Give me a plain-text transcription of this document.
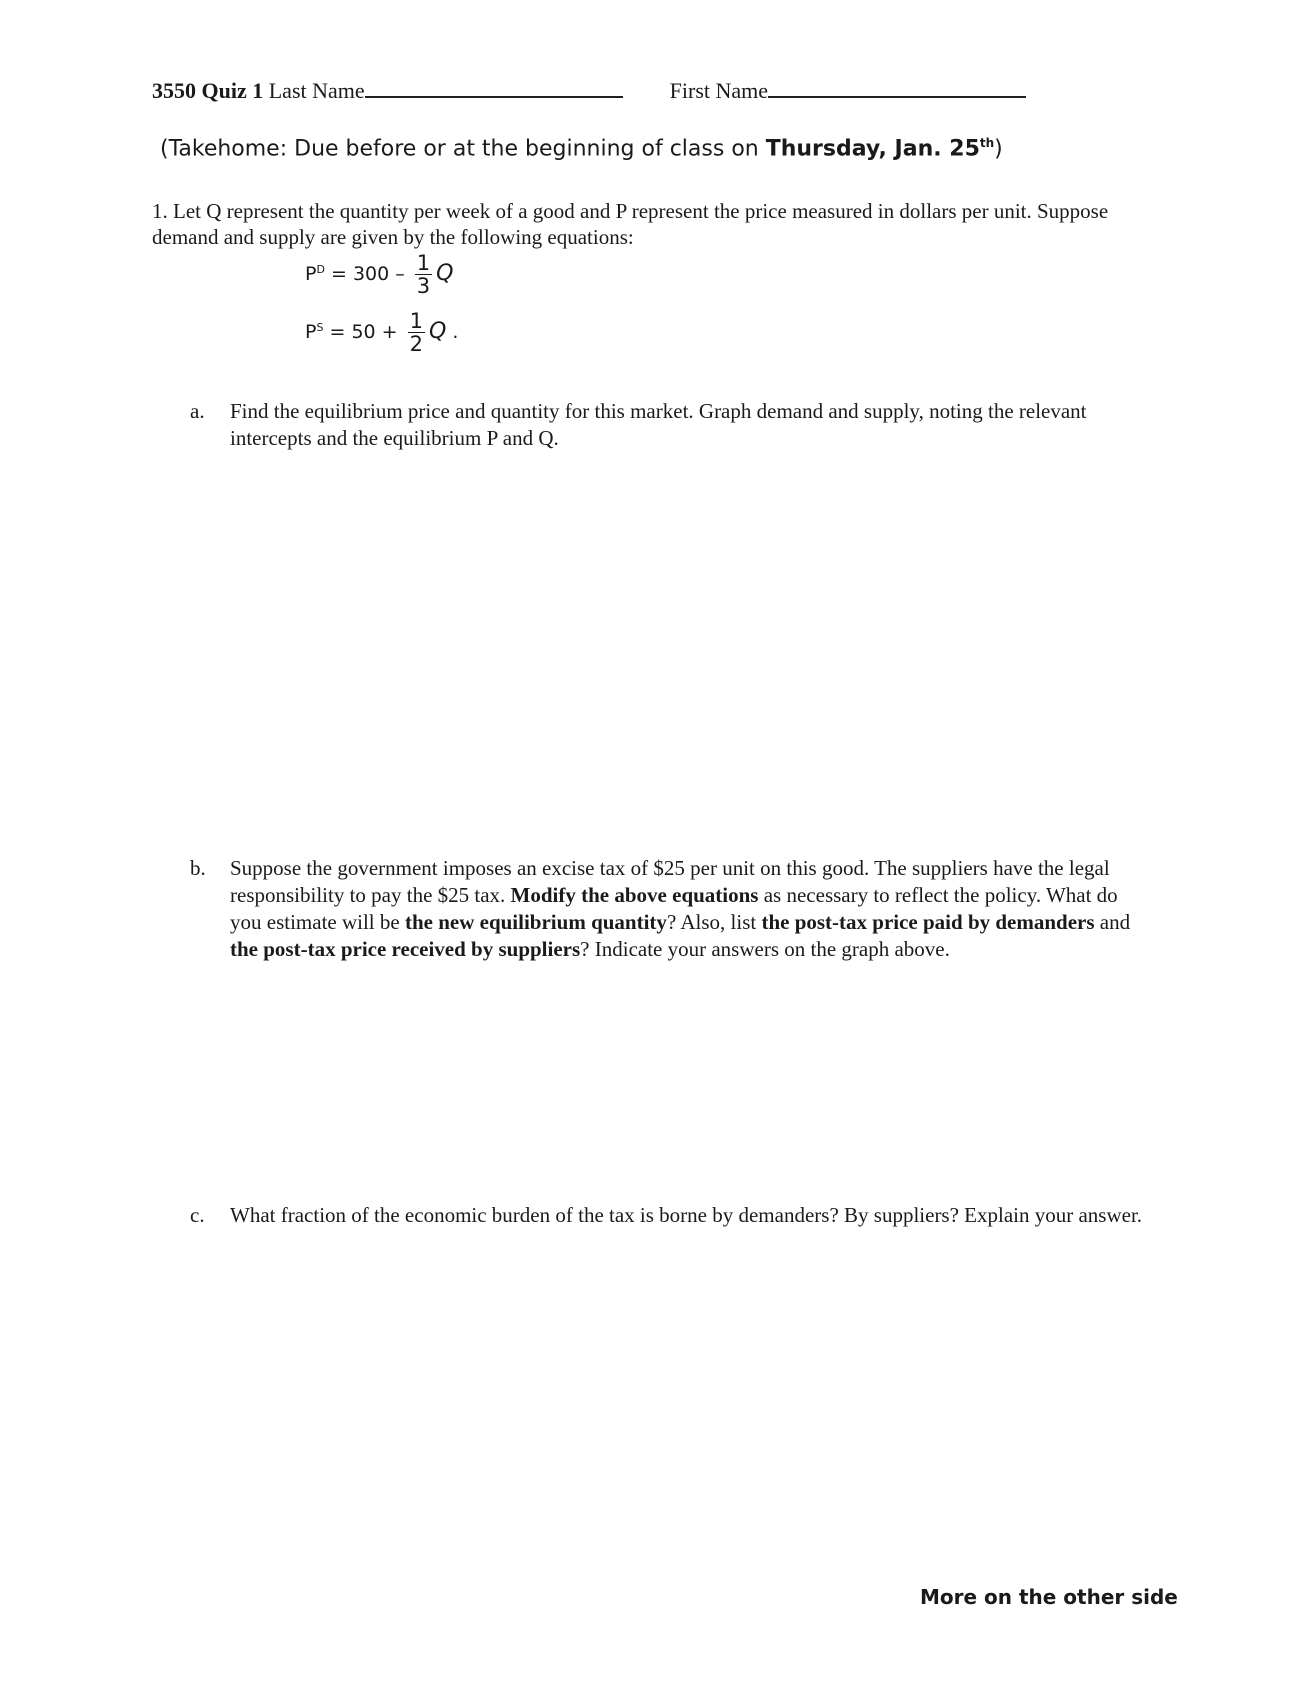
3550 Quiz 1 Last Name	First Name
(Takehome: Due before or at the beginning of class on Thursday, Jan. 25th)
1. Let Q represent the quantity per week of a good and P represent the price measured in dollars per unit. Suppose demand and supply are given by the following equations:
$P^D = 300 - \frac{1}{3}$ Q
$P^S = 50 + \frac{1}{2}$ Q .
a. Find the equilibrium price and quantity for this market. Graph demand and supply, noting the relevant intercepts and the equilibrium P and Q.
b. Suppose the government imposes an excise tax of $25 per unit on this good. The suppliers have the legal responsibility to pay the $25 tax. Modify the above equations as necessary to reflect the policy. What do you estimate will be the new equilibrium quantity? Also, list the post-tax price paid by demanders and the post-tax price received by suppliers? Indicate your answers on the graph above.
c. What fraction of the economic burden of the tax is borne by demanders? By suppliers? Explain your answer.
More on the other side
